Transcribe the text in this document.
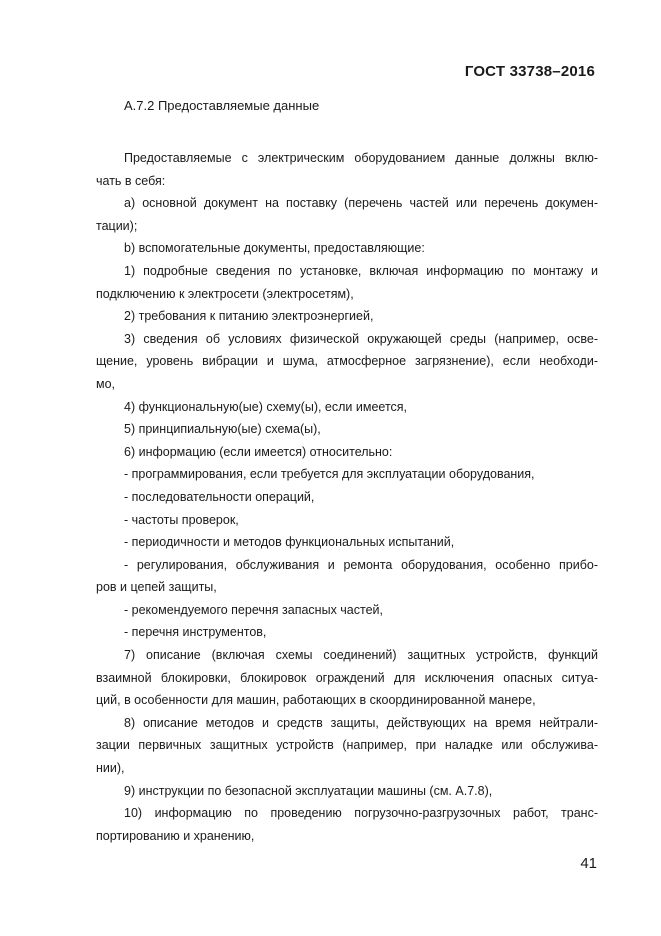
ГОСТ 33738–2016
А.7.2 Предоставляемые данные
Предоставляемые с электрическим оборудованием данные должны вклю-
чать в себя:
a) основной документ на поставку (перечень частей или перечень докумен-
тации);
b) вспомогательные документы, предоставляющие:
1) подробные сведения по установке, включая информацию по монтажу и
подключению к электросети (электросетям),
2) требования к питанию электроэнергией,
3) сведения об условиях физической окружающей среды (например, осве-
щение, уровень вибрации и шума, атмосферное загрязнение), если необходи-
мо,
4) функциональную(ые) схему(ы), если имеется,
5) принципиальную(ые) схема(ы),
6) информацию (если имеется) относительно:
- программирования, если требуется для эксплуатации оборудования,
- последовательности операций,
- частоты проверок,
- периодичности и методов функциональных испытаний,
- регулирования, обслуживания и ремонта оборудования, особенно прибо-
ров и цепей защиты,
- рекомендуемого перечня запасных частей,
- перечня инструментов,
7) описание (включая схемы соединений) защитных устройств, функций
взаимной блокировки, блокировок ограждений для исключения опасных ситуа-
ций, в особенности для машин, работающих в скоординированной манере,
8) описание методов и средств защиты, действующих на время нейтрали-
зации первичных защитных устройств (например, при наладке или обслужива-
нии),
9) инструкции по безопасной эксплуатации машины (см. А.7.8),
10) информацию по проведению погрузочно-разгрузочных работ, транс-
портированию и хранению,
41
